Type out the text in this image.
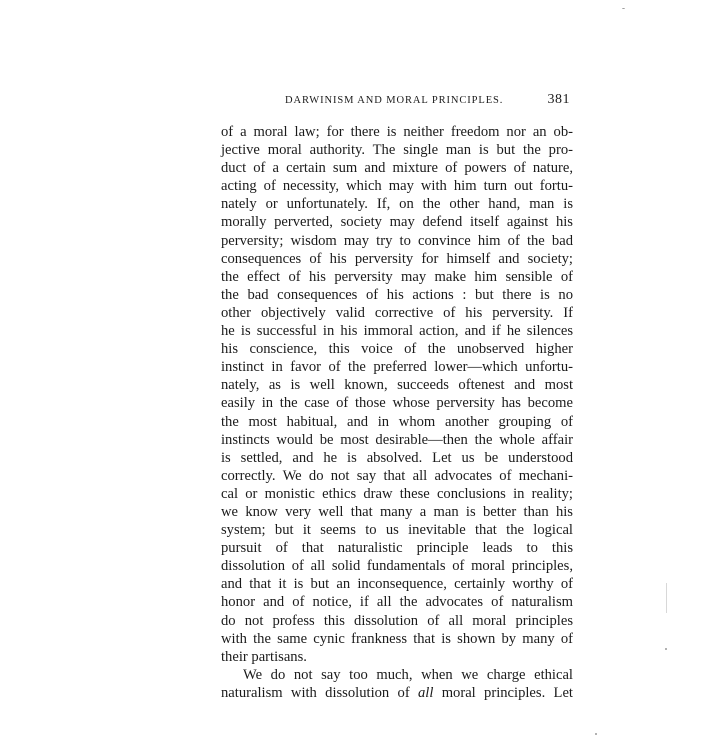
DARWINISM AND MORAL PRINCIPLES.	381
of a moral law; for there is neither freedom nor an ob-
jective moral authority. The single man is but the pro-
duct of a certain sum and mixture of powers of nature,
acting of necessity, which may with him turn out fortu-
nately or unfortunately. If, on the other hand, man is
morally perverted, society may defend itself against his
perversity; wisdom may try to convince him of the bad
consequences of his perversity for himself and society;
the effect of his perversity may make him sensible of
the bad consequences of his actions : but there is no
other objectively valid corrective of his perversity. If
he is successful in his immoral action, and if he silences
his conscience, this voice of the unobserved higher
instinct in favor of the preferred lower—which unfortu-
nately, as is well known, succeeds oftenest and most
easily in the case of those whose perversity has become
the most habitual, and in whom another grouping of
instincts would be most desirable—then the whole affair
is settled, and he is absolved. Let us be understood
correctly. We do not say that all advocates of mechani-
cal or monistic ethics draw these conclusions in reality;
we know very well that many a man is better than his
system; but it seems to us inevitable that the logical
pursuit of that naturalistic principle leads to this
dissolution of all solid fundamentals of moral principles,
and that it is but an inconsequence, certainly worthy of
honor and of notice, if all the advocates of naturalism
do not profess this dissolution of all moral principles
with the same cynic frankness that is shown by many of
their partisans.
We do not say too much, when we charge ethical
naturalism with dissolution of all moral principles. Let
